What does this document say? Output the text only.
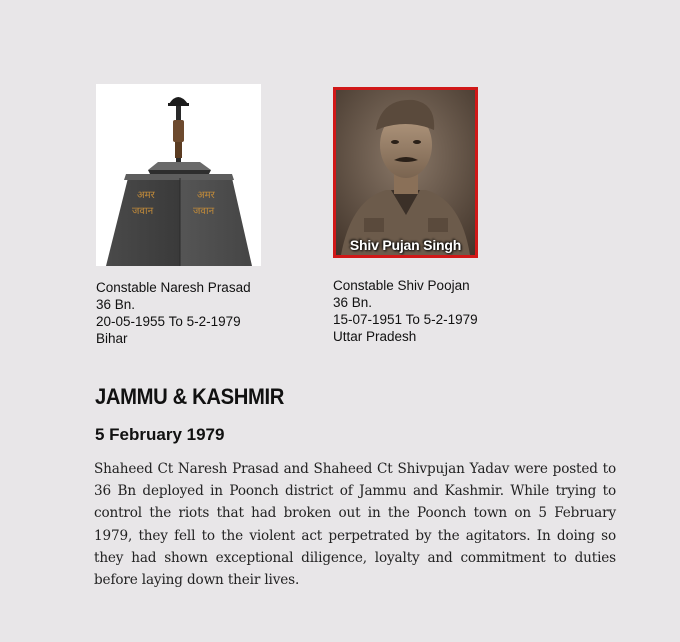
अमर
जवान
अमर
जवान
Shiv Pujan Singh
Constable Naresh Prasad
36 Bn.
20-05-1955 To 5-2-1979
Bihar
Constable Shiv Poojan
36 Bn.
15-07-1951 To 5-2-1979
Uttar Pradesh
JAMMU & KASHMIR
5 February 1979
Shaheed Ct Naresh Prasad and Shaheed Ct Shivpujan Yadav were posted to 36 Bn deployed in Poonch district of Jammu and Kashmir. While trying to control the riots that had broken out in the Poonch town on 5 February 1979, they fell to the violent act perpetrated by the agitators. In doing so they had shown exceptional diligence, loyalty and commitment to duties before laying down their lives.
